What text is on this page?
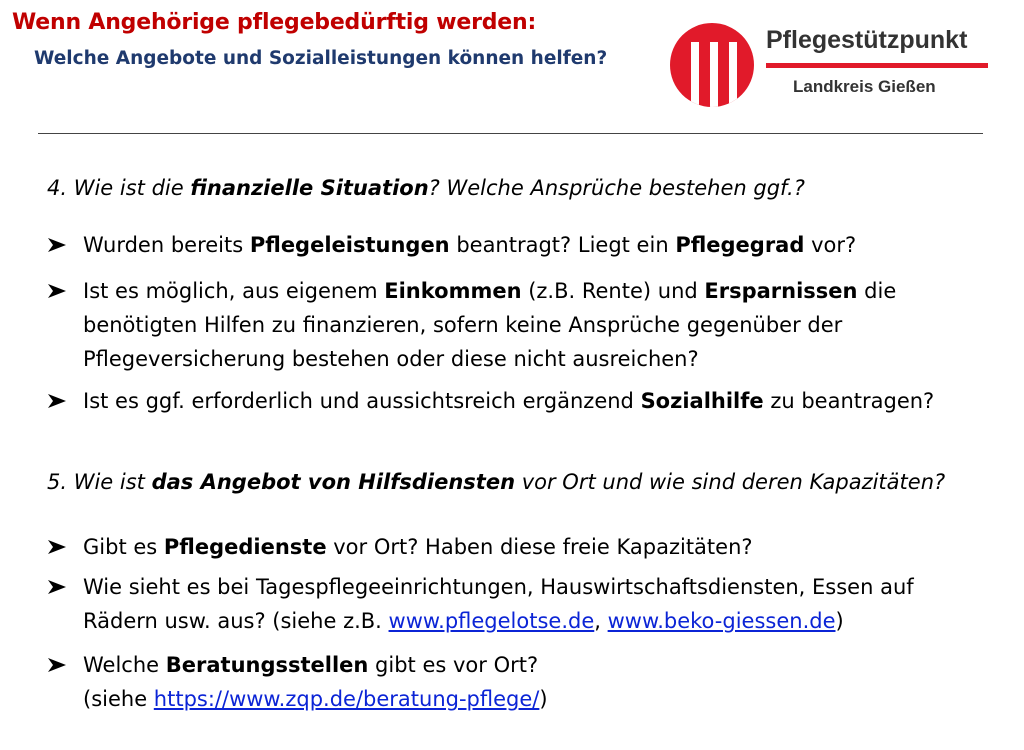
Wenn Angehörige pflegebedürftig werden:
Welche Angebote und Sozialleistungen können helfen?
Pflegestützpunkt
Landkreis Gießen
4. Wie ist die finanzielle Situation? Welche Ansprüche bestehen ggf.?
Wurden bereits Pflegeleistungen beantragt? Liegt ein Pflegegrad vor?
Ist es möglich, aus eigenem Einkommen (z.B. Rente) und Ersparnissen die
benötigten Hilfen zu finanzieren, sofern keine Ansprüche gegenüber der
Pflegeversicherung bestehen oder diese nicht ausreichen?
Ist es ggf. erforderlich und aussichtsreich ergänzend Sozialhilfe zu beantragen?
5. Wie ist das Angebot von Hilfsdiensten vor Ort und wie sind deren Kapazitäten?
Gibt es Pflegedienste vor Ort? Haben diese freie Kapazitäten?
Wie sieht es bei Tagespflegeeinrichtungen, Hauswirtschaftsdiensten, Essen auf
Rädern usw. aus? (siehe z.B. www.pflegelotse.de, www.beko-giessen.de)
Welche Beratungsstellen gibt es vor Ort?
(siehe https://www.zqp.de/beratung-pflege/)
